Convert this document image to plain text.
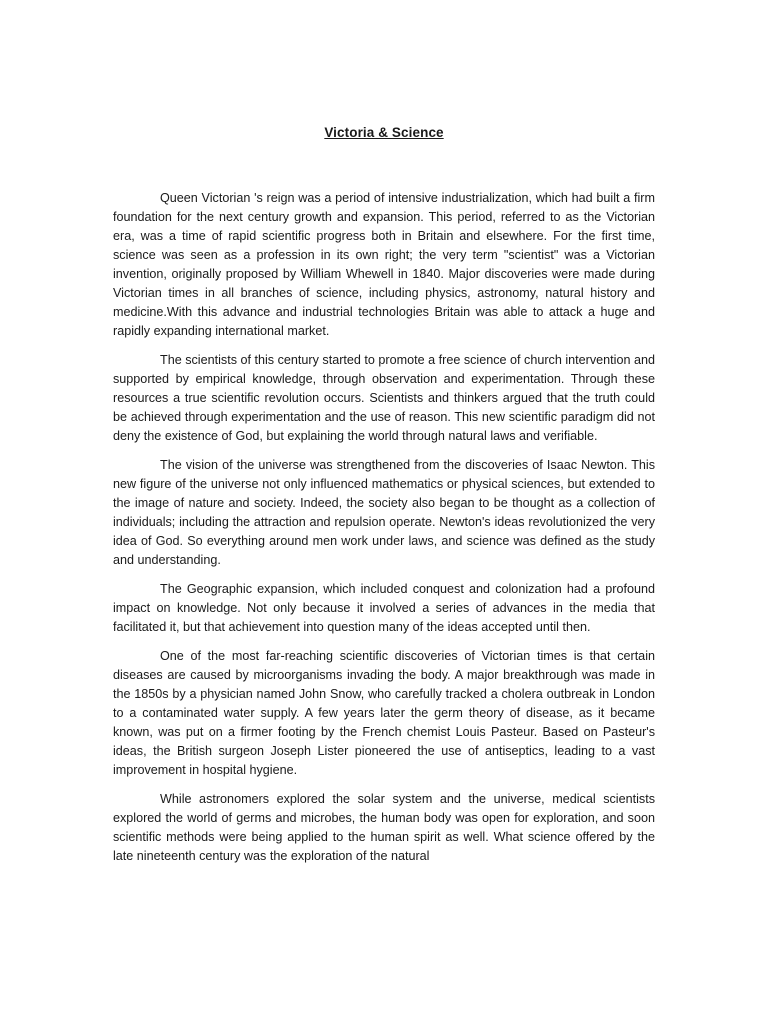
Victoria & Science

Queen Victorian 's reign was a period of intensive industrialization, which had built a firm foundation for the next century growth and expansion. This period, referred to as the Victorian era, was a time of rapid scientific progress both in Britain and elsewhere. For the first time, science was seen as a profession in its own right; the very term "scientist" was a Victorian invention, originally proposed by William Whewell in 1840. Major discoveries were made during Victorian times in all branches of science, including physics, astronomy, natural history and medicine.With this advance and industrial technologies Britain was able to attack a huge and rapidly expanding international market.

The scientists of this century started to promote a free science of church intervention and supported by empirical knowledge, through observation and experimentation. Through these resources a true scientific revolution occurs. Scientists and thinkers argued that the truth could be achieved through experimentation and the use of reason. This new scientific paradigm did not deny the existence of God, but explaining the world through natural laws and verifiable.

The vision of the universe was strengthened from the discoveries of Isaac Newton. This new figure of the universe not only influenced mathematics or physical sciences, but extended to the image of nature and society. Indeed, the society also began to be thought as a collection of individuals; including the attraction and repulsion operate. Newton's ideas revolutionized the very idea of God. So everything around men work under laws, and science was defined as the study and understanding.

The Geographic expansion, which included conquest and colonization had a profound impact on knowledge. Not only because it involved a series of advances in the media that facilitated it, but that achievement into question many of the ideas accepted until then.

One of the most far-reaching scientific discoveries of Victorian times is that certain diseases are caused by microorganisms invading the body. A major breakthrough was made in the 1850s by a physician named John Snow, who carefully tracked a cholera outbreak in London to a contaminated water supply. A few years later the germ theory of disease, as it became known, was put on a firmer footing by the French chemist Louis Pasteur. Based on Pasteur's ideas, the British surgeon Joseph Lister pioneered the use of antiseptics, leading to a vast improvement in hospital hygiene.

While astronomers explored the solar system and the universe, medical scientists explored the world of germs and microbes, the human body was open for exploration, and soon scientific methods were being applied to the human spirit as well. What science offered by the late nineteenth century was the exploration of the natural
